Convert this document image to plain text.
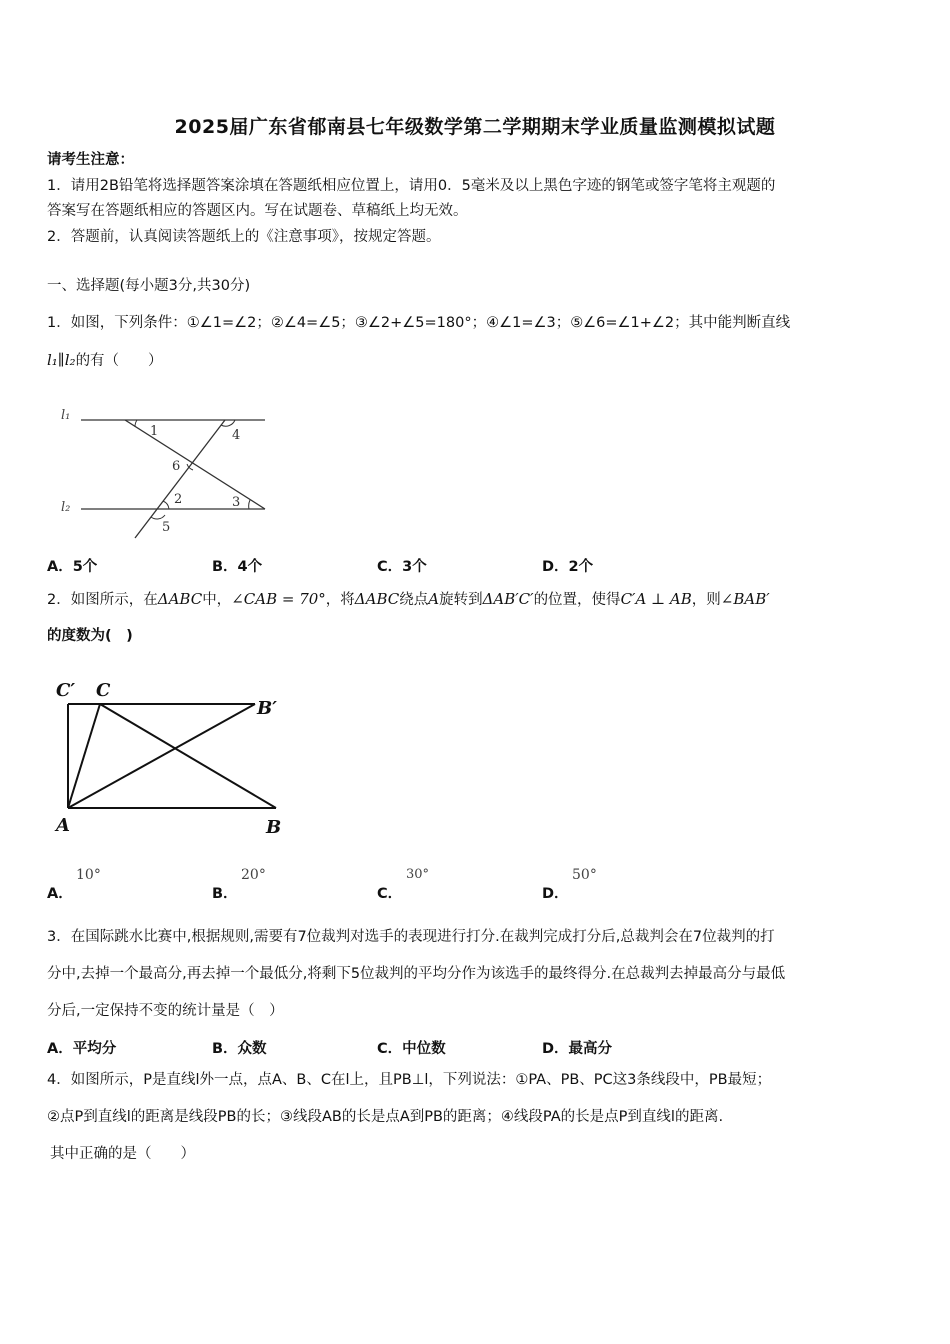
2025届广东省郁南县七年级数学第二学期期末学业质量监测模拟试题
请考生注意：
1．请用2B铅笔将选择题答案涂填在答题纸相应位置上，请用0．5毫米及以上黑色字迹的钢笔或签字笔将主观题的
答案写在答题纸相应的答题区内。写在试题卷、草稿纸上均无效。
2．答题前，认真阅读答题纸上的《注意事项》，按规定答题。
一、选择题(每小题3分,共30分)
1．如图，下列条件：①∠1=∠2；②∠4=∠5；③∠2+∠5=180°；④∠1=∠3；⑤∠6=∠1+∠2；其中能判断直线
l₁∥l₂的有（　　）
l₁
l₂
1	4
6
2	3
5
A．5个	B．4个	C．3个	D．2个
2．如图所示，在ΔABC中，∠CAB = 70°，将ΔABC绕点A旋转到ΔAB′C′的位置，使得C′A ⊥ AB，则∠BAB′
的度数为(　)
C′ C
B′
A	B
A．
10°
B．
20°
C．
30°
D．
50°
3．在国际跳水比赛中,根据规则,需要有7位裁判对选手的表现进行打分.在裁判完成打分后,总裁判会在7位裁判的打
分中,去掉一个最高分,再去掉一个最低分,将剩下5位裁判的平均分作为该选手的最终得分.在总裁判去掉最高分与最低
分后,一定保持不变的统计量是（　）
A．平均分	B．众数	C．中位数	D．最高分
4．如图所示，P是直线l外一点，点A、B、C在l上，且PB⊥l，下列说法：①PA、PB、PC这3条线段中，PB最短；
②点P到直线l的距离是线段PB的长；③线段AB的长是点A到PB的距离；④线段PA的长是点P到直线l的距离.
其中正确的是（　　）
